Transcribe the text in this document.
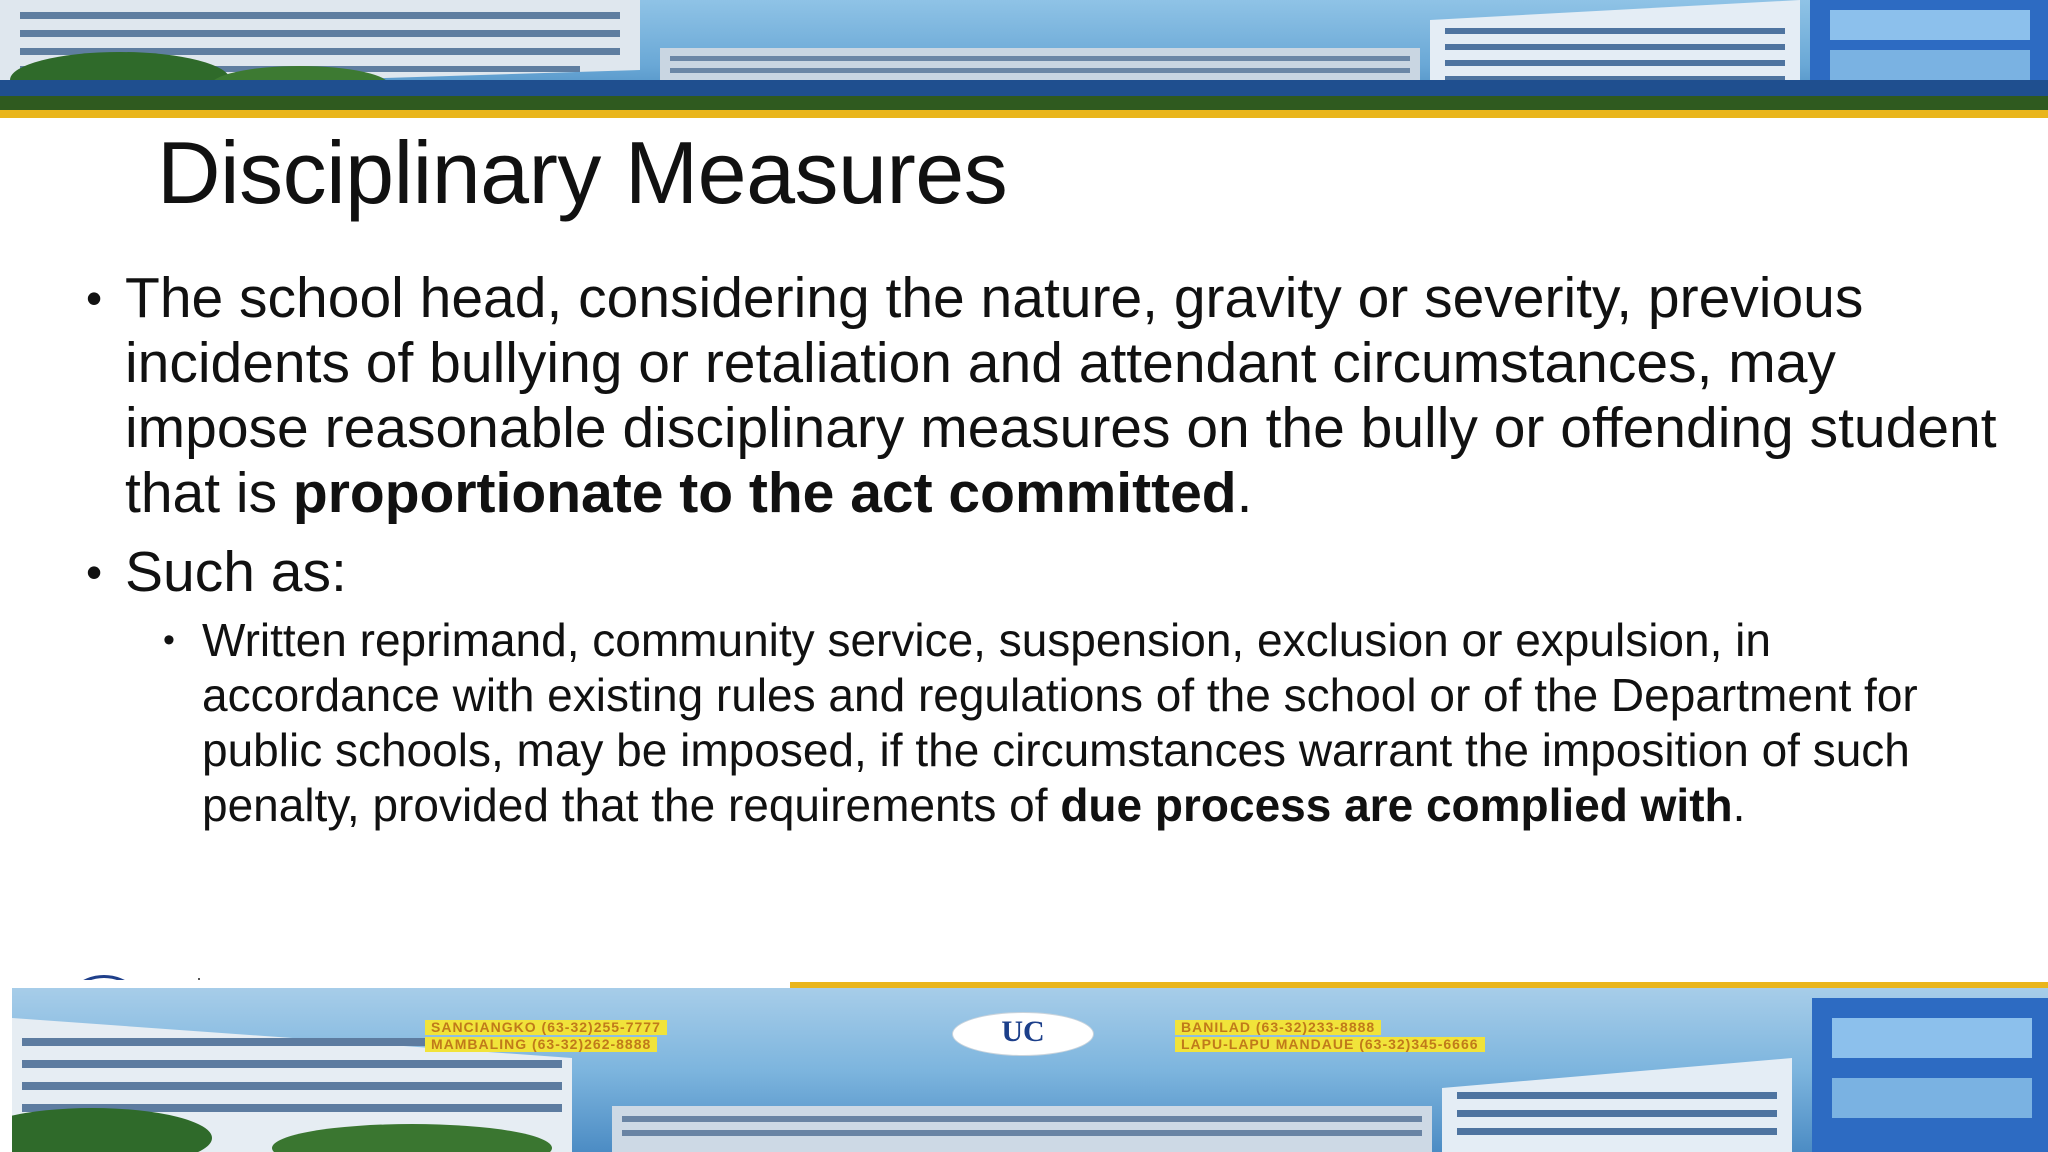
Disciplinary Measures
• The school head, considering the nature, gravity or severity, previous incidents of bullying or retaliation and attendant circumstances, may impose reasonable disciplinary measures on the bully or offending student that is proportionate to the act committed.
• Such as:
• Written reprimand, community service, suspension, exclusion or expulsion, in accordance with existing rules and regulations of the school or of the Department for public schools, may be imposed, if the circumstances warrant the imposition of such penalty, provided that the requirements of due process are complied with.
SANCIANGKO (63-32)255-7777
MAMBALING (63-32)262-8888
BANILAD (63-32)233-8888
LAPU-LAPU MANDAUE (63-32)345-6666
UC
